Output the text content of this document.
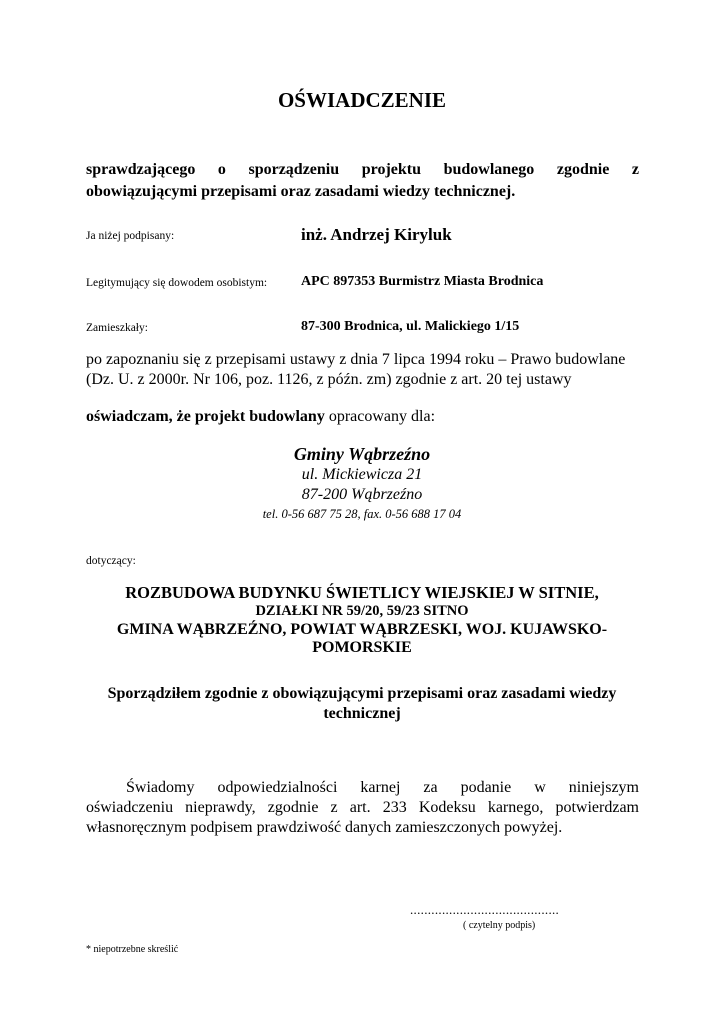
OŚWIADCZENIE
sprawdzającego o sporządzeniu projektu budowlanego zgodnie z
obowiązującymi przepisami oraz zasadami wiedzy technicznej.
Ja niżej podpisany:	inż. Andrzej Kiryluk
Legitymujący się dowodem osobistym: APC 897353 Burmistrz Miasta Brodnica
Zamieszkały:	87-300 Brodnica, ul. Malickiego 1/15
po zapoznaniu się z przepisami ustawy z dnia 7 lipca 1994 roku – Prawo budowlane
(Dz. U. z 2000r. Nr 106, poz. 1126, z późn. zm) zgodnie z art. 20 tej ustawy
oświadczam, że projekt budowlany opracowany dla:
Gminy Wąbrzeźno
ul. Mickiewicza 21
87-200 Wąbrzeźno
tel. 0-56 687 75 28, fax. 0-56 688 17 04
dotyczący:
ROZBUDOWA BUDYNKU ŚWIETLICY WIEJSKIEJ W SITNIE,
DZIAŁKI NR 59/20, 59/23 SITNO
GMINA WĄBRZEŹNO, POWIAT WĄBRZESKI, WOJ. KUJAWSKO-
POMORSKIE
Sporządziłem zgodnie z obowiązującymi przepisami oraz zasadami wiedzy
technicznej
Świadomy odpowiedzialności karnej za podanie w niniejszym
oświadczeniu nieprawdy, zgodnie z art. 233 Kodeksu karnego, potwierdzam
własnoręcznym podpisem prawdziwość danych zamieszczonych powyżej.
..........................................
( czytelny podpis)
* niepotrzebne skreślić
